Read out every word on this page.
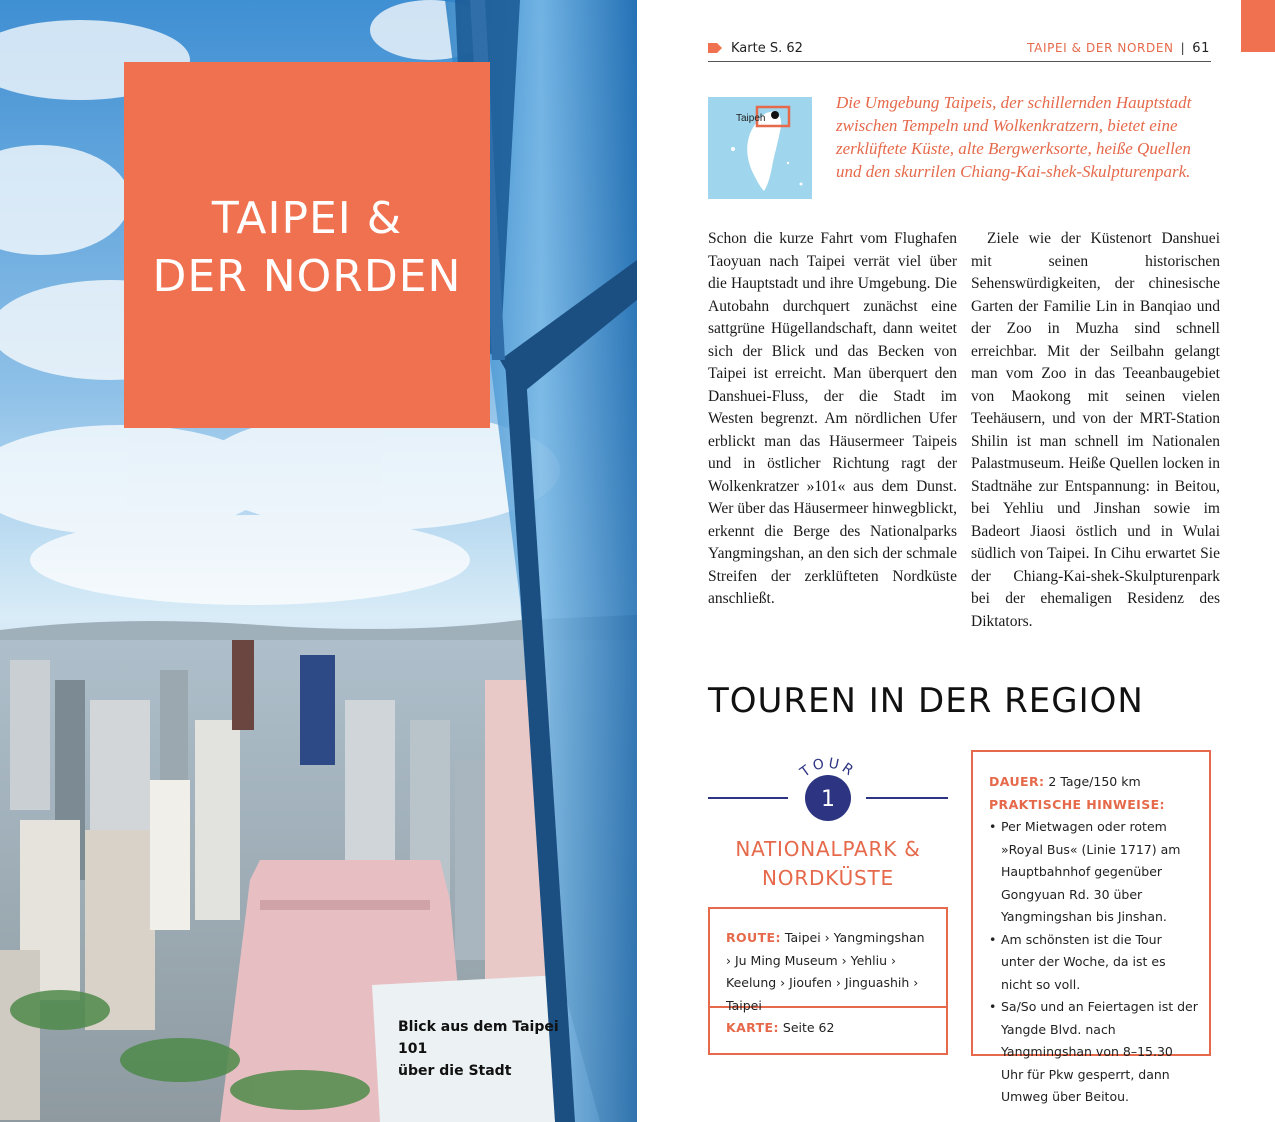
TAIPEI &
DER NORDEN
Blick aus dem Taipei 101
über die Stadt
Karte S. 62	TAIPEI & DER NORDEN | 61
Taipeh
Die Umgebung Taipeis, der schillernden Hauptstadt zwischen Tempeln und Wolkenkratzern, bietet eine zerklüftete Küste, alte Bergwerksorte, heiße Quellen und den skurrilen Chiang-Kai-shek-Skulpturenpark.
Schon die kurze Fahrt vom Flughafen Taoyuan nach Taipei verrät viel über die Hauptstadt und ihre Umgebung. Die Autobahn durchquert zunächst eine sattgrüne Hügellandschaft, dann weitet sich der Blick und das Becken von Taipei ist erreicht. Man überquert den Danshuei-Fluss, der die Stadt im Westen begrenzt. Am nördlichen Ufer erblickt man das Häusermeer Taipeis und in östlicher Richtung ragt der Wolkenkratzer »101« aus dem Dunst. Wer über das Häusermeer hinwegblickt, erkennt die Berge des Nationalparks Yangmingshan, an den sich der schmale Streifen der zerklüfteten Nordküste anschließt.
Ziele wie der Küstenort Danshuei mit seinen historischen Sehenswürdigkeiten, der chinesische Garten der Familie Lin in Banqiao und der Zoo in Muzha sind schnell erreichbar. Mit der Seilbahn gelangt man vom Zoo in das Teeanbaugebiet von Maokong mit seinen vielen Teehäusern, und von der MRT-Station Shilin ist man schnell im Nationalen Palastmuseum. Heiße Quellen locken in Stadtnähe zur Entspannung: in Beitou, bei Yehliu und Jinshan sowie im Badeort Jiaosi östlich und in Wulai südlich von Taipei. In Cihu erwartet Sie der Chiang-Kai-shek-Skulpturenpark bei der ehemaligen Residenz des Diktators.
TOUREN IN DER REGION
TOUR
1
NATIONALPARK &
NORDKÜSTE
ROUTE: Taipei › Yangmingshan › Ju Ming Museum › Yehliu › Keelung › Jioufen › Jinguashih › Taipei
KARTE: Seite 62
DAUER: 2 Tage/150 km
PRAKTISCHE HINWEISE:
• Per Mietwagen oder rotem »Royal Bus« (Linie 1717) am Hauptbahnhof gegenüber Gongyuan Rd. 30 über Yangmingshan bis Jinshan.
• Am schönsten ist die Tour unter der Woche, da ist es nicht so voll.
• Sa/So und an Feiertagen ist der Yangde Blvd. nach Yangmingshan von 8–15.30 Uhr für Pkw gesperrt, dann Umweg über Beitou.
